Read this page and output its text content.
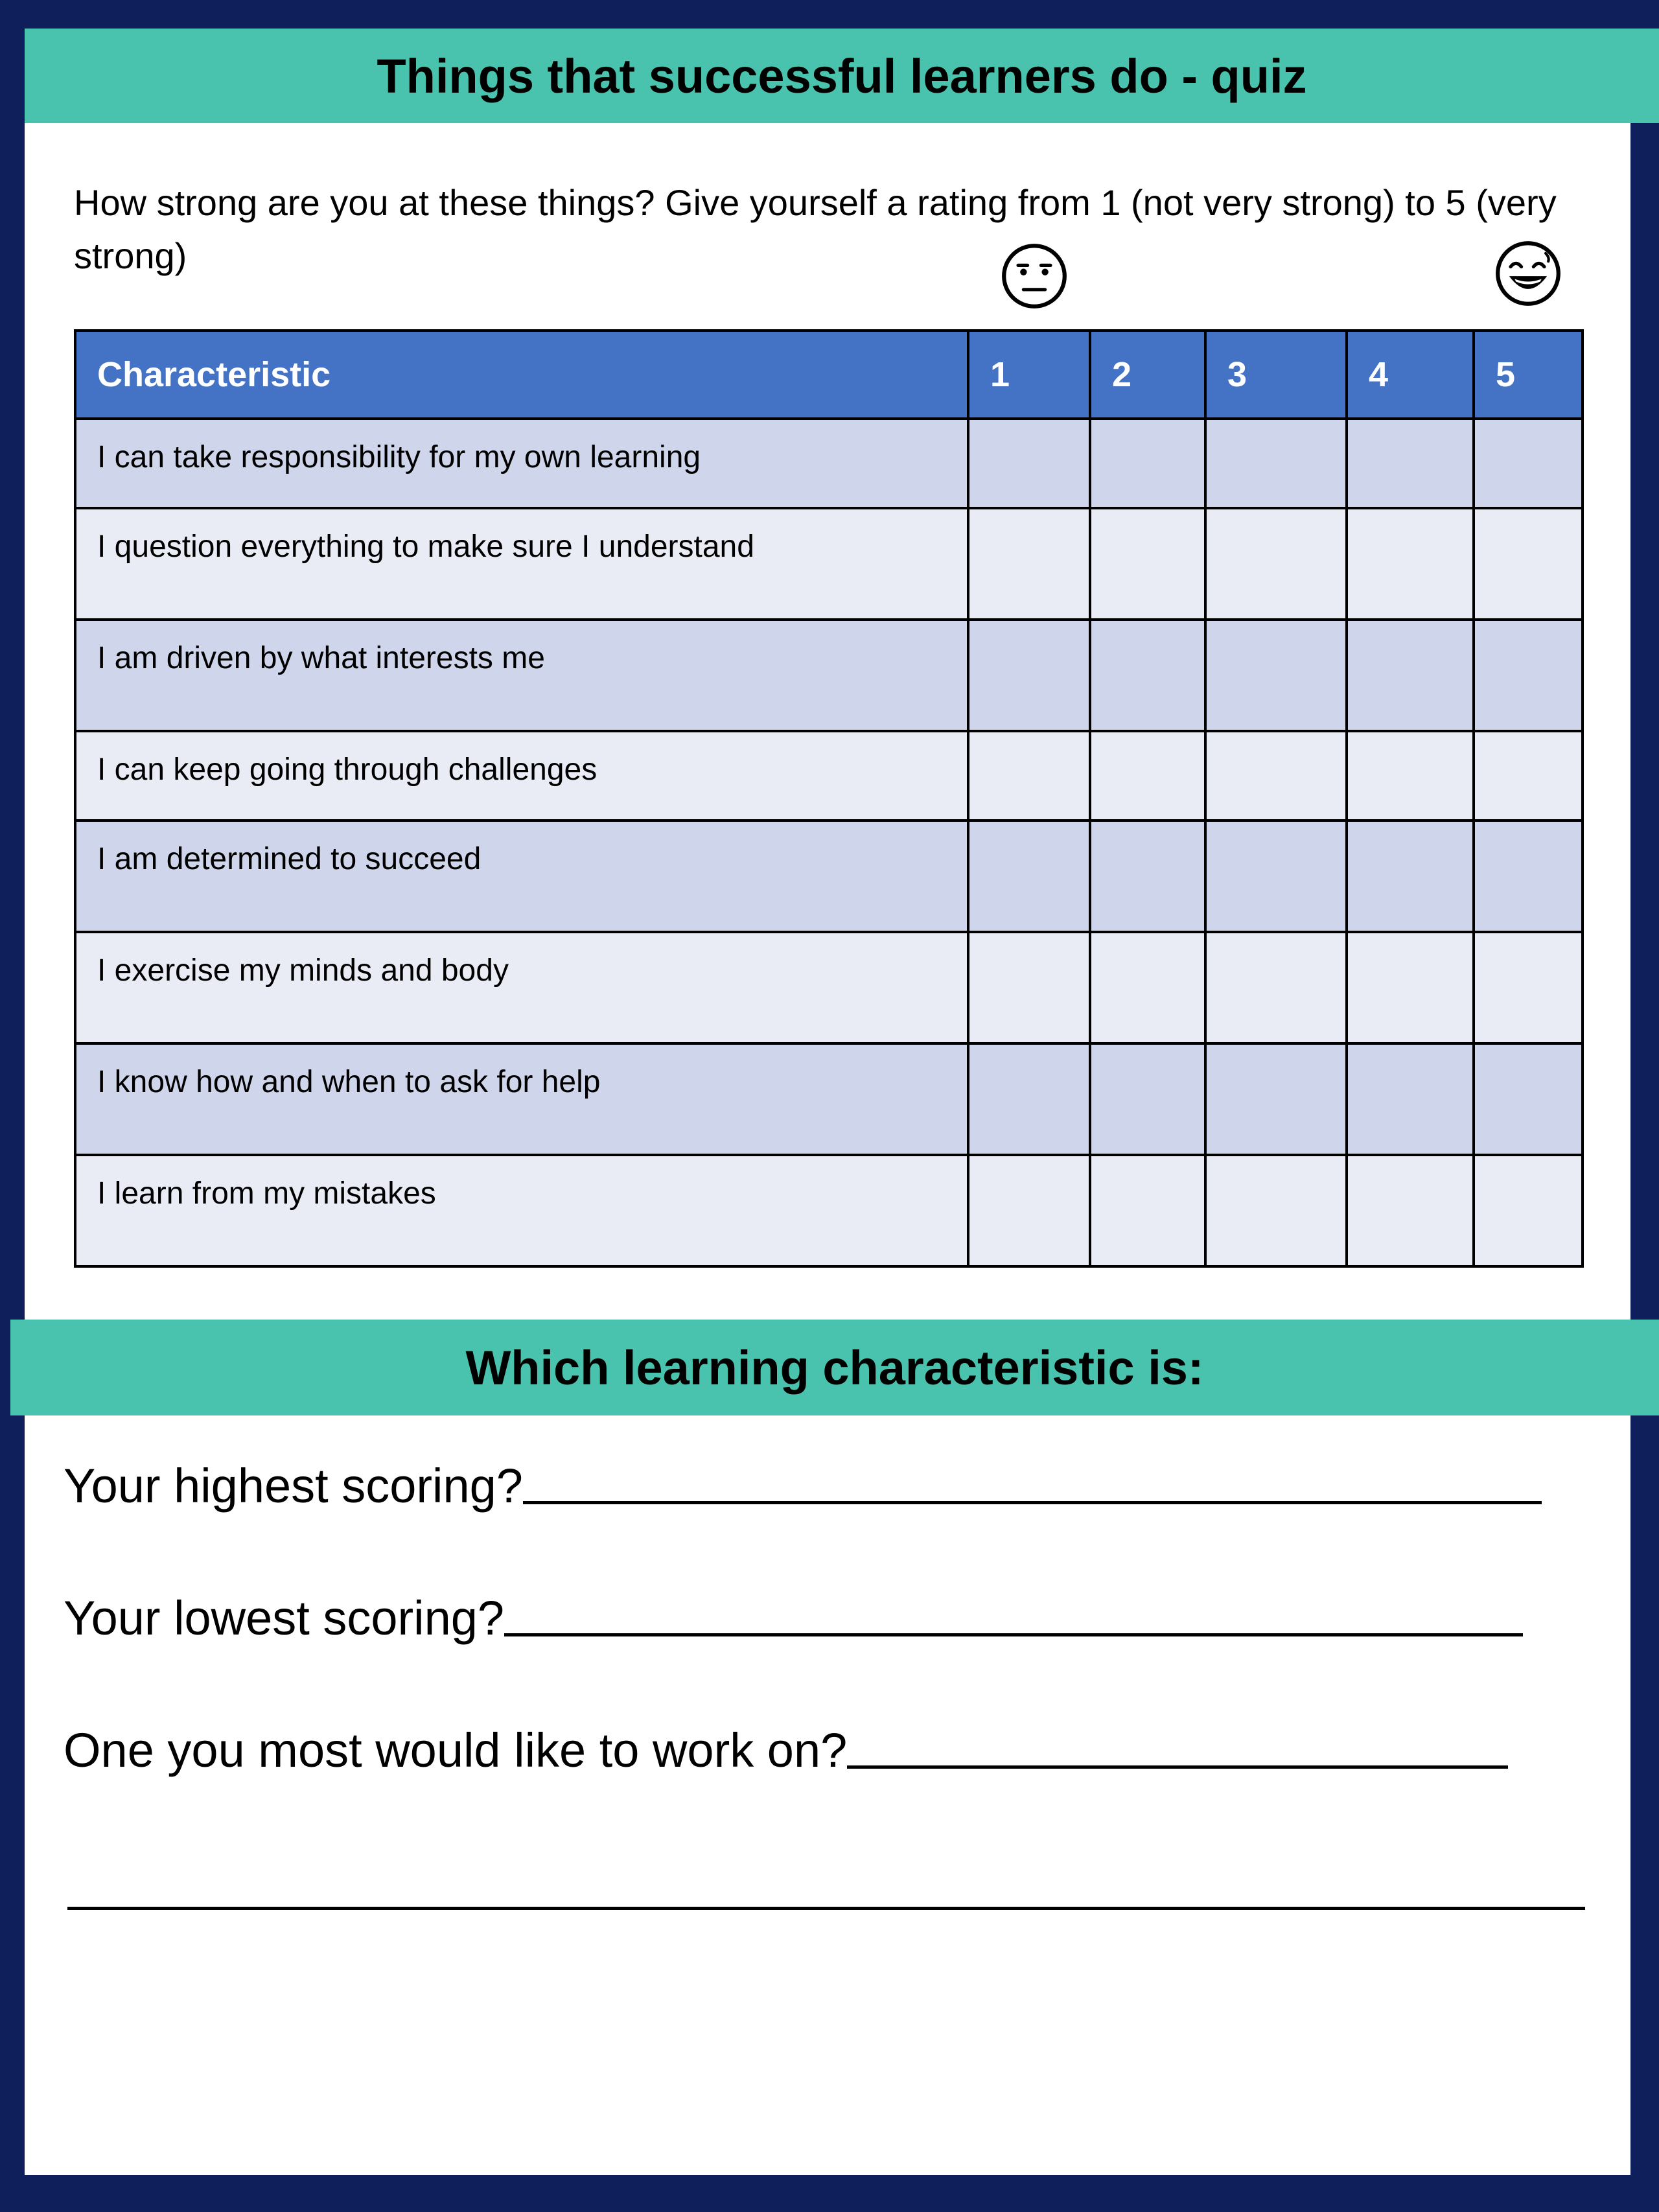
Things that successful learners do - quiz
How strong are you at these things? Give yourself a rating from 1 (not very strong) to 5 (very strong)
Characteristic	1	2	3	4	5
I can take responsibility for my own learning					
I question everything to make sure I understand					
I am driven by what interests me					
I can keep going through challenges					
I am determined to succeed					
I exercise my minds and body					
I know how and when to ask for help					
I learn from my mistakes					
Which learning characteristic is:
Your highest scoring?
Your lowest scoring?
One you most would like to work on?
